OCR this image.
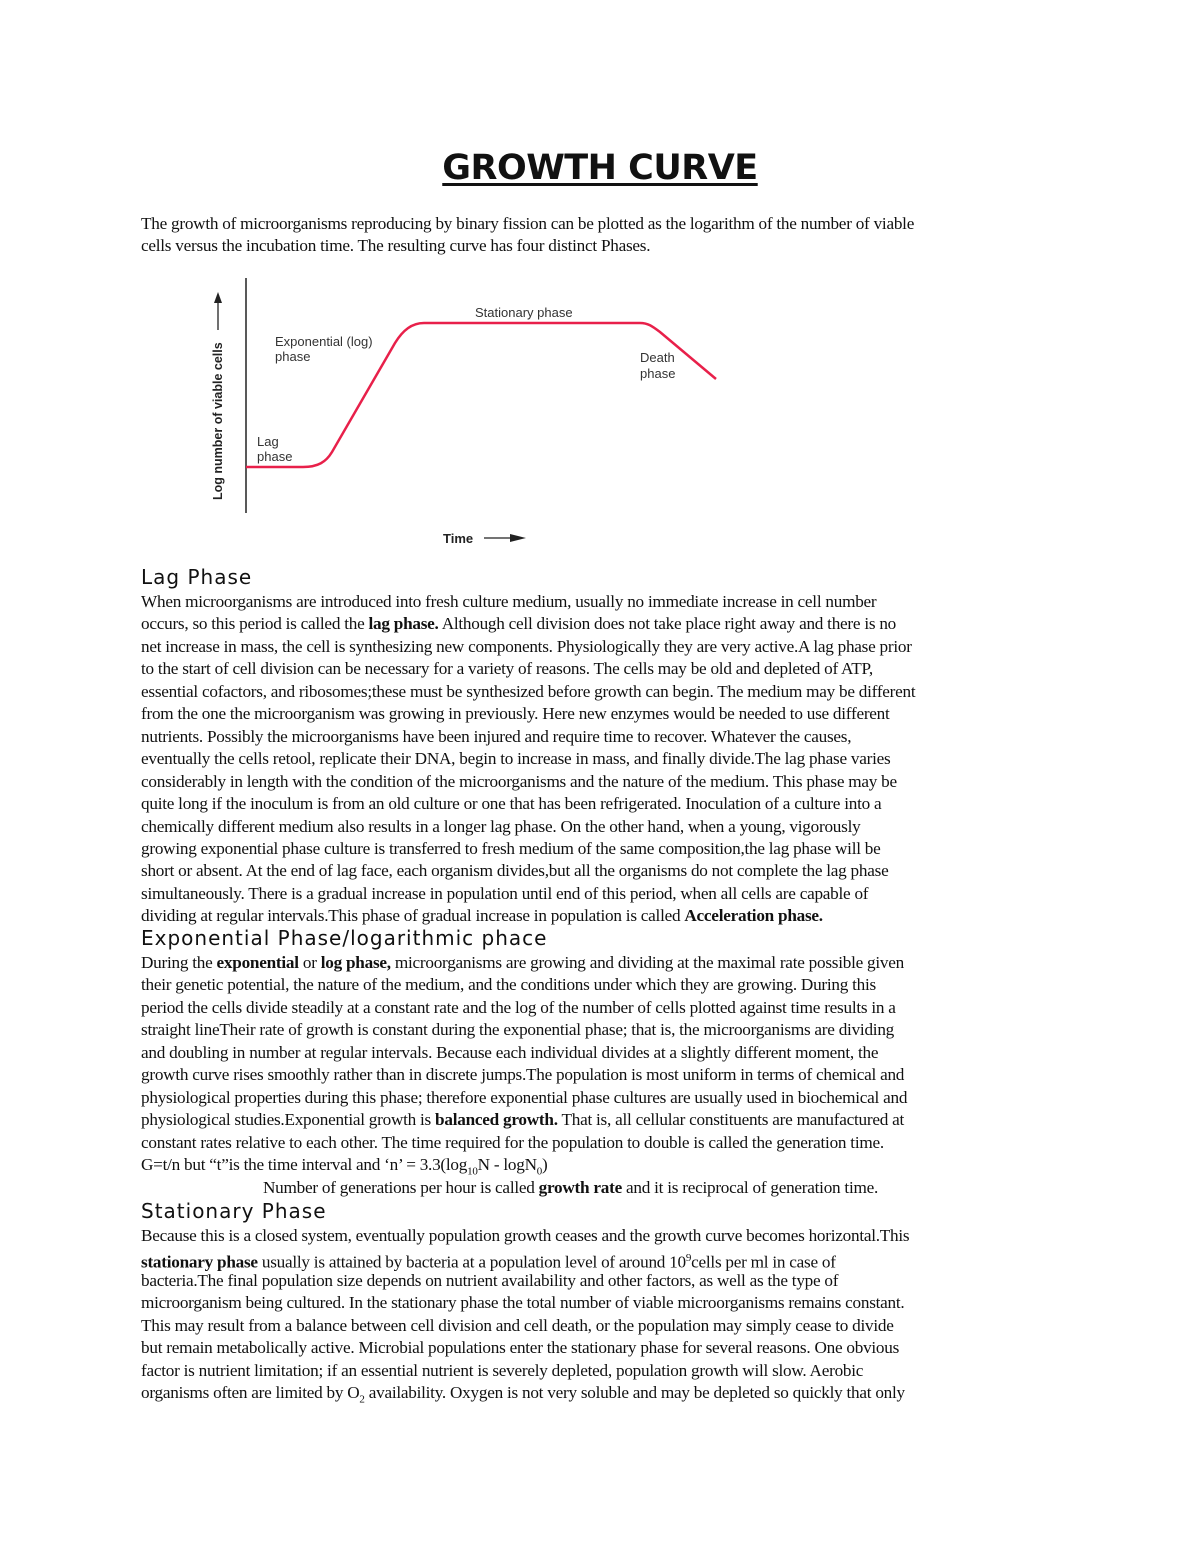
GROWTH CURVE
Log number of viable cells
Time
Lag phase
Exponential (log) phase
Stationary phase
Death phase
The growth of microorganisms reproducing by binary fission can be plotted as the logarithm of the number of viable
cells versus the incubation time. The resulting curve has four distinct Phases.
Lag Phase
When microorganisms are introduced into fresh culture medium, usually no immediate increase in cell number
occurs, so this period is called the lag phase. Although cell division does not take place right away and there is no
net increase in mass, the cell is synthesizing new components. Physiologically they are very active.A lag phase prior
to the start of cell division can be necessary for a variety of reasons. The cells may be old and depleted of ATP,
essential cofactors, and ribosomes;these must be synthesized before growth can begin. The medium may be different
from the one the microorganism was growing in previously. Here new enzymes would be needed to use different
nutrients. Possibly the microorganisms have been injured and require time to recover. Whatever the causes,
eventually the cells retool, replicate their DNA, begin to increase in mass, and finally divide.The lag phase varies
considerably in length with the condition of the microorganisms and the nature of the medium. This phase may be
quite long if the inoculum is from an old culture or one that has been refrigerated. Inoculation of a culture into a
chemically different medium also results in a longer lag phase. On the other hand, when a young, vigorously
growing exponential phase culture is transferred to fresh medium of the same composition,the lag phase will be
short or absent. At the end of lag face, each organism divides,but all the organisms do not complete the lag phase
simultaneously. There is a gradual increase in population until end of this period, when all cells are capable of
dividing at regular intervals.This phase of gradual increase in population is called Acceleration phase.
Exponential Phase/logarithmic phace
During the exponential or log phase, microorganisms are growing and dividing at the maximal rate possible given
their genetic potential, the nature of the medium, and the conditions under which they are growing. During this
period the cells divide steadily at a constant rate and the log of the number of cells plotted against time results in a
straight lineTheir rate of growth is constant during the exponential phase; that is, the microorganisms are dividing
and doubling in number at regular intervals. Because each individual divides at a slightly different moment, the
growth curve rises smoothly rather than in discrete jumps.The population is most uniform in terms of chemical and
physiological properties during this phase; therefore exponential phase cultures are usually used in biochemical and
physiological studies.Exponential growth is balanced growth. That is, all cellular constituents are manufactured at
constant rates relative to each other. The time required for the population to double is called the generation time.
G=t/n but “t”is the time interval and ‘n’ = $3.3(\log_{10}N - \log N_0)$
Number of generations per hour is called growth rate and it is reciprocal of generation time.
Stationary Phase
Because this is a closed system, eventually population growth ceases and the growth curve becomes horizontal.This
stationary phase usually is attained by bacteria at a population level of around $10^9cells$ per ml in case of
bacteria.The final population size depends on nutrient availability and other factors, as well as the type of
microorganism being cultured. In the stationary phase the total number of viable microorganisms remains constant.
This may result from a balance between cell division and cell death, or the population may simply cease to divide
but remain metabolically active. Microbial populations enter the stationary phase for several reasons. One obvious
factor is nutrient limitation; if an essential nutrient is severely depleted, population growth will slow. Aerobic
organisms often are limited by $O_2$ availability. Oxygen is not very soluble and may be depleted so quickly that only
